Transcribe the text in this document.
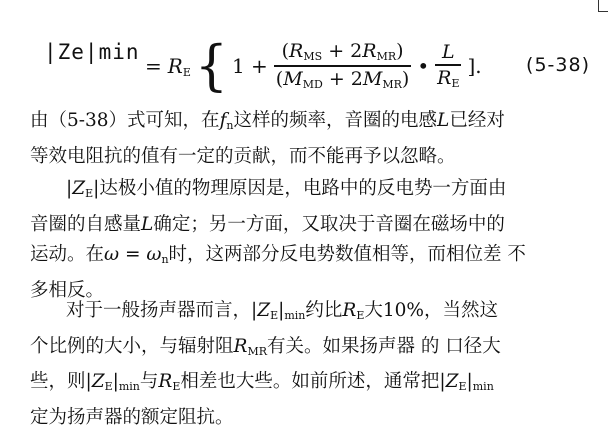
|Ze|min
= $R_E$ { $1 + \frac{(R_{MS} + 2R_{MR})}{(M_{MD} + 2M_{MR})}$ • $\frac{L}{R_E}$ ]. (5-38)

由（5-38）式可知，在$f_n$这样的频率，音圈的电感L已经对

等效电阻抗的值有一定的贡献，而不能再予以忽略。

$|Z_E|$达极小值的物理原因是，电路中的反电势一方面由

音圈的自感量L确定；另一方面，又取决于音圈在磁场中的

运动。在$\omega = \omega_n$时，这两部分反电势数值相等，而相位差 不

多相反。

对于一般扬声器而言，$|Z_E|_{min}$约比$R_E$大10%，当然这

个比例的大小，与辐射阻$R_{MR}$有关。如果扬声器 的 口径大

些，则$|Z_E|_{min}$与$R_E$相差也大些。如前所述，通常把$|Z_E|_{min}$

定为扬声器的额定阻抗。
